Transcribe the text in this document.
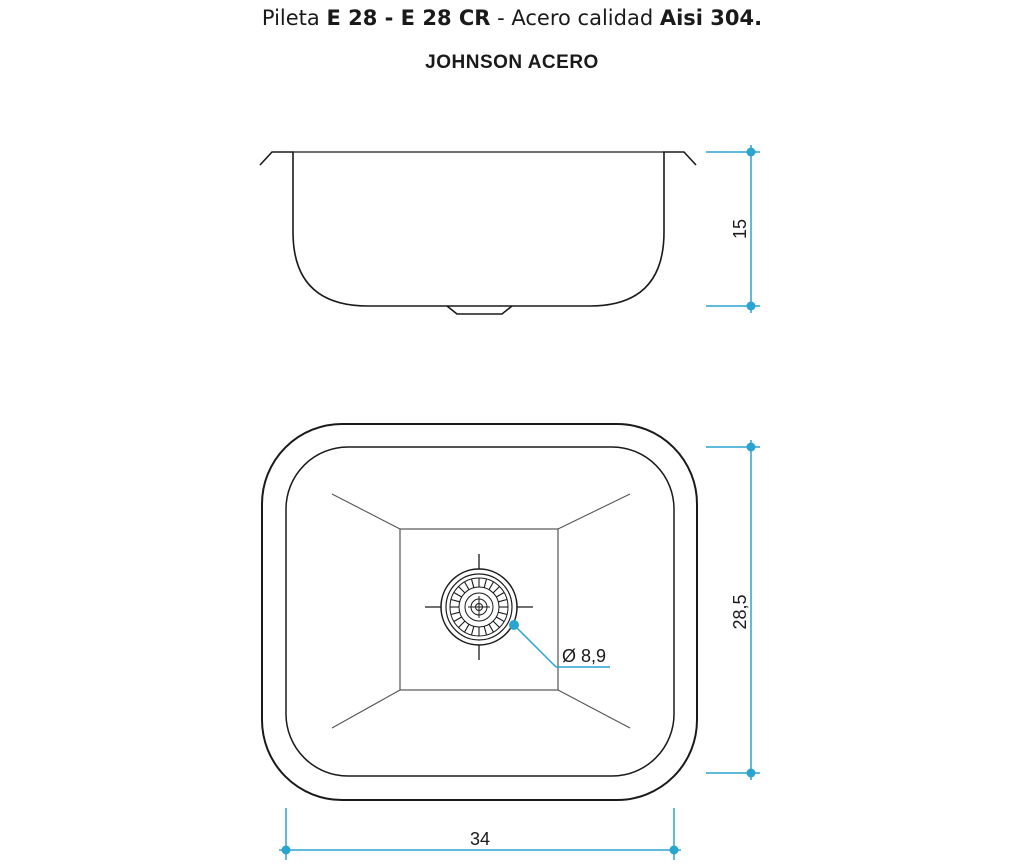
Pileta E 28 - E 28 CR - Acero calidad Aisi 304.
JOHNSON ACERO
15
Ø 8,9
28,5
34
